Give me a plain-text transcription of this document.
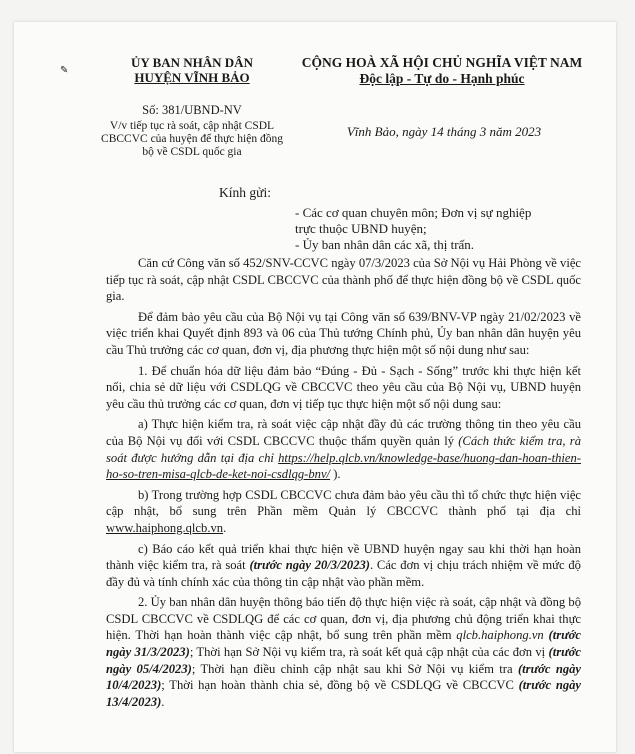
✎
ỦY BAN NHÂN DÂN
HUYỆN VĨNH BẢO
Số: 381/UBND-NV
V/v tiếp tục rà soát, cập nhật CSDL CBCCVC của huyện để thực hiện đồng bộ về CSDL quốc gia
CỘNG HOÀ XÃ HỘI CHỦ NGHĨA VIỆT NAM
Độc lập - Tự do - Hạnh phúc
Vĩnh Bảo, ngày 14 tháng 3 năm 2023
Kính gửi:
- Các cơ quan chuyên môn; Đơn vị sự nghiệp trực thuộc UBND huyện;
- Ủy ban nhân dân các xã, thị trấn.

Căn cứ Công văn số 452/SNV-CCVC ngày 07/3/2023 của Sở Nội vụ Hải Phòng về việc tiếp tục rà soát, cập nhật CSDL CBCCVC của thành phố để thực hiện đồng bộ về CSDL quốc gia.

Để đảm bảo yêu cầu của Bộ Nội vụ tại Công văn số 639/BNV-VP ngày 21/02/2023 về việc triển khai Quyết định 893 và 06 của Thủ tướng Chính phủ, Ủy ban nhân dân huyện yêu cầu Thủ trưởng các cơ quan, đơn vị, địa phương thực hiện một số nội dung như sau:

1. Để chuẩn hóa dữ liệu đảm bảo “Đúng - Đủ - Sạch - Sống” trước khi thực hiện kết nối, chia sẻ dữ liệu với CSDLQG về CBCCVC theo yêu cầu của Bộ Nội vụ, UBND huyện yêu cầu thủ trưởng các cơ quan, đơn vị tiếp tục thực hiện một số nội dung sau:

a) Thực hiện kiểm tra, rà soát việc cập nhật đầy đủ các trường thông tin theo yêu cầu của Bộ Nội vụ đối với CSDL CBCCVC thuộc thẩm quyền quản lý (Cách thức kiểm tra, rà soát được hướng dẫn tại địa chỉ https://help.qlcb.vn/knowledge-base/huong-dan-hoan-thien-ho-so-tren-misa-qlcb-de-ket-noi-csdlqg-bnv/ ).

b) Trong trường hợp CSDL CBCCVC chưa đảm bảo yêu cầu thì tổ chức thực hiện việc cập nhật, bổ sung trên Phần mềm Quản lý CBCCVC thành phố tại địa chỉ www.haiphong.qlcb.vn.

c) Báo cáo kết quả triển khai thực hiện về UBND huyện ngay sau khi thời hạn hoàn thành việc kiểm tra, rà soát (trước ngày 20/3/2023). Các đơn vị chịu trách nhiệm về mức độ đầy đủ và tính chính xác của thông tin cập nhật vào phần mềm.

2. Ủy ban nhân dân huyện thông báo tiến độ thực hiện việc rà soát, cập nhật và đồng bộ CSDL CBCCVC về CSDLQG để các cơ quan, đơn vị, địa phương chủ động triển khai thực hiện. Thời hạn hoàn thành việc cập nhật, bổ sung trên phần mềm qlcb.haiphong.vn (trước ngày 31/3/2023); Thời hạn Sở Nội vụ kiểm tra, rà soát kết quả cập nhật của các đơn vị (trước ngày 05/4/2023); Thời hạn điều chỉnh cập nhật sau khi Sở Nội vụ kiểm tra (trước ngày 10/4/2023); Thời hạn hoàn thành chia sẻ, đồng bộ về CSDLQG về CBCCVC (trước ngày 13/4/2023).
